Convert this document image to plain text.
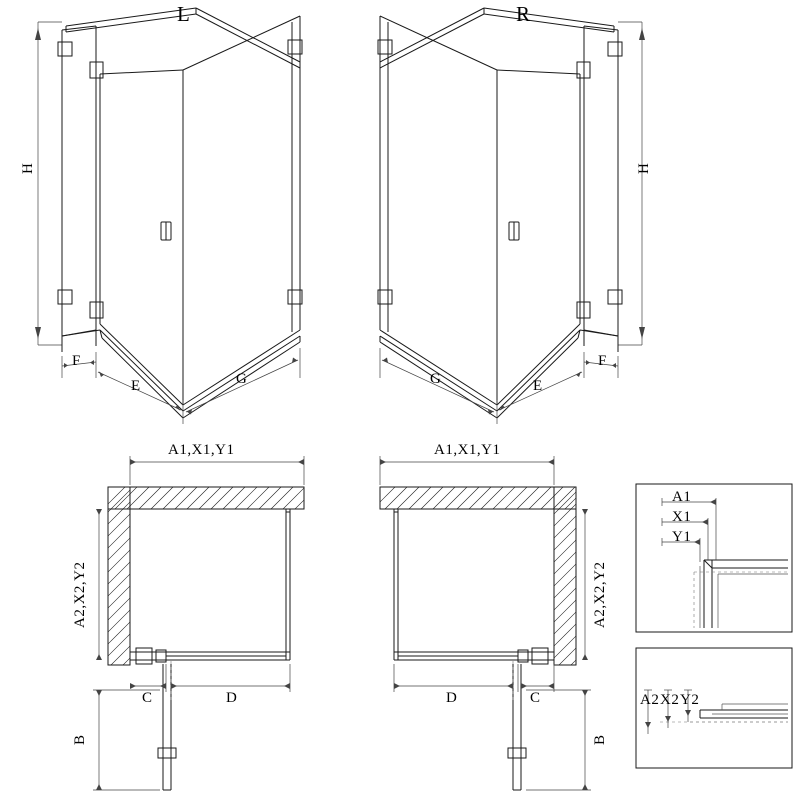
L	R
H	H
F
E	G	G	E
F
A1,X1,Y1	A1,X1,Y1
A2,X2,Y2	A2,X2,Y2
C	D	D	C
B	B
A1
X1
Y1
A2 X2 Y2
